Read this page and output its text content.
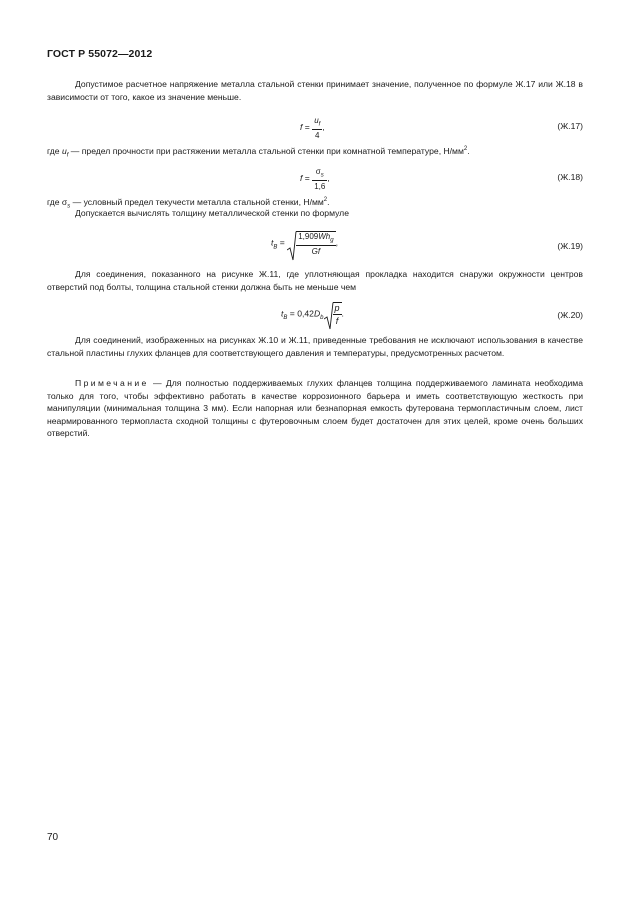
ГОСТ Р 55072—2012
Допустимое расчетное напряжение металла стальной стенки принимает значение, полученное по формуле Ж.17 или Ж.18 в зависимости от того, какое из значение меньше.
$f = \frac{u_f}{4}$ ,	(Ж.17)
где $u_f$ — предел прочности при растяжении металла стальной стенки при комнатной температуре, $Н/мм^2$.
$f = \frac{\sigma_s}{1,6}$ ,	(Ж.18)
где $\sigma_s$ — условный предел текучести металла стальной стенки, $Н/мм^2$.
Допускается вычислять толщину металлической стенки по формуле
$t_B = \frac{1,909Wh_g}{Gf}$ ,	(Ж.19)
Для соединения, показанного на рисунке Ж.11, где уплотняющая прокладка находится снаружи окружности центров отверстий под болты, толщина стальной стенки должна быть не меньше чем
$t_B = 0,42D_b \frac{p}{f}$ .	(Ж.20)
Для соединений, изображенных на рисунках Ж.10 и Ж.11, приведенные требования не исключают использования в качестве стальной пластины глухих фланцев для соответствующего давления и температуры, предусмотренных расчетом.
Примечание — Для полностью поддерживаемых глухих фланцев толщина поддерживаемого ламината необходима только для того, чтобы эффективно работать в качестве коррозионного барьера и иметь соответствующую жесткость при манипуляции (минимальная толщина 3 мм). Если напорная или безнапорная емкость футерована термопластичным слоем, лист неармированного термопласта сходной толщины с футеровочным слоем будет достаточен для этих целей, кроме очень больших отверстий.
70
